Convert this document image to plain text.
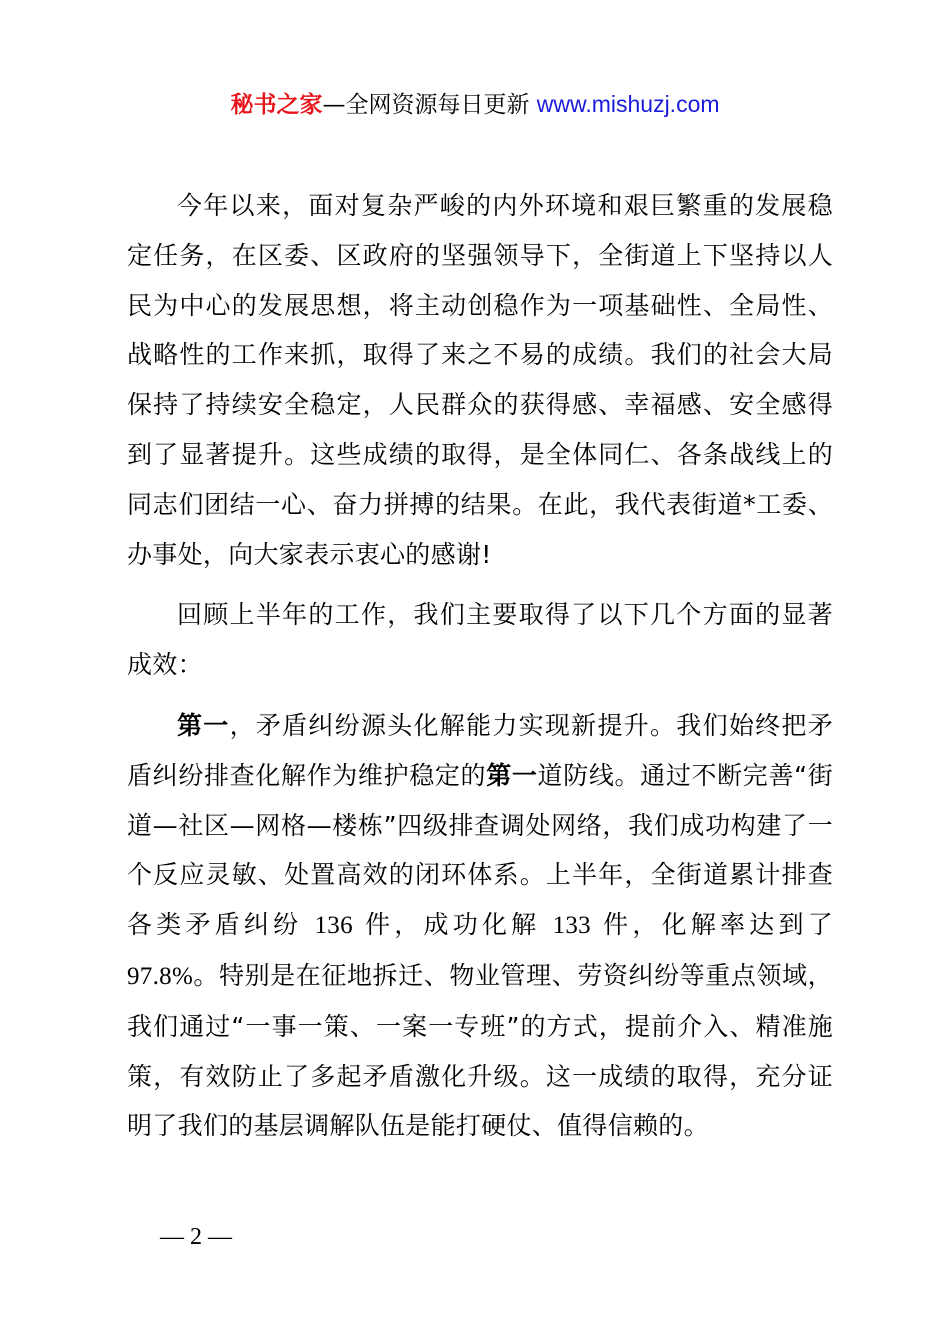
秘书之家—全网资源每日更新 www.mishuzj.com

今年以来，面对复杂严峻的内外环境和艰巨繁重的发展稳定任务，在区委、区政府的坚强领导下，全街道上下坚持以人民为中心的发展思想，将主动创稳作为一项基础性、全局性、战略性的工作来抓，取得了来之不易的成绩。我们的社会大局保持了持续安全稳定，人民群众的获得感、幸福感、安全感得到了显著提升。这些成绩的取得，是全体同仁、各条战线上的同志们团结一心、奋力拼搏的结果。在此，我代表街道*工委、办事处，向大家表示衷心的感谢!

回顾上半年的工作，我们主要取得了以下几个方面的显著成效：

第一，矛盾纠纷源头化解能力实现新提升。我们始终把矛盾纠纷排查化解作为维护稳定的第一道防线。通过不断完善“街道—社区—网格—楼栋”四级排查调处网络，我们成功构建了一个反应灵敏、处置高效的闭环体系。上半年，全街道累计排查各类矛盾纠纷 136 件，成功化解 133 件，化解率达到了 97.8%。特别是在征地拆迁、物业管理、劳资纠纷等重点领域，我们通过“一事一策、一案一专班”的方式，提前介入、精准施策，有效防止了多起矛盾激化升级。这一成绩的取得，充分证明了我们的基层调解队伍是能打硬仗、值得信赖的。

— 2 —
